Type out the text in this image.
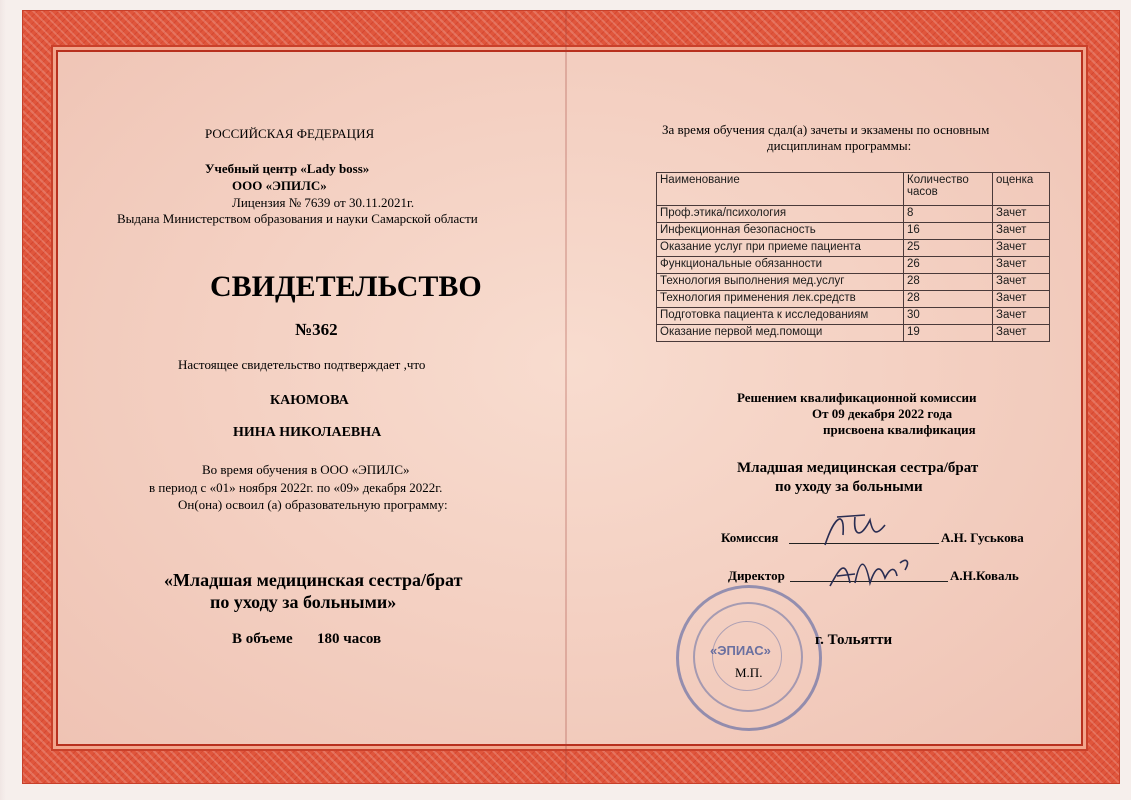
РОССИЙСКАЯ ФЕДЕРАЦИЯ
Учебный центр «Lady boss»
ООО «ЭПИЛС»
Лицензия № 7639 от 30.11.2021г.
Выдана Министерством образования и науки Самарской области
СВИДЕТЕЛЬСТВО
№362
Настоящее свидетельство подтверждает ,что
КАЮМОВА
НИНА НИКОЛАЕВНА
Во время обучения в ООО «ЭПИЛС»
в период с «01» ноября 2022г. по «09» декабря 2022г.
Он(она) освоил (а) образовательную программу:
«Младшая медицинская сестра/брат
по уходу за больными»
В объеме 180 часов
За время обучения сдал(а) зачеты и экзамены по основным
дисциплинам программы:
Наименование	Количество часов	оценка
Проф.этика/психология	8	Зачет
Инфекционная безопасность	16	Зачет
Оказание услуг при приеме пациента	25	Зачет
Функциональные обязанности	26	Зачет
Технология выполнения мед.услуг	28	Зачет
Технология применения лек.средств	28	Зачет
Подготовка пациента к исследованиям	30	Зачет
Оказание первой мед.помощи	19	Зачет
Решением квалификационной комиссии
От 09 декабря 2022 года
присвоена квалификация
Младшая медицинская сестра/брат
по уходу за больными
Комиссия	А.Н. Гуськова
Директор	А.Н.Коваль
«ЭПИАС»
г. Тольятти
М.П.
